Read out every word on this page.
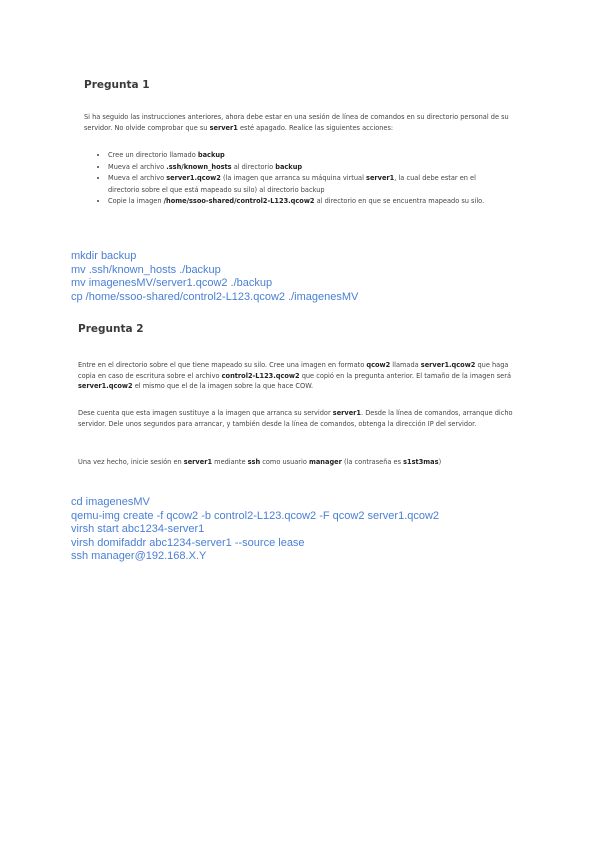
Pregunta 1
Si ha seguido las instrucciones anteriores, ahora debe estar en una sesión de línea de comandos en su directorio personal de su servidor. No olvide comprobar que su server1 esté apagado. Realice las siguientes acciones:
• Cree un directorio llamado backup
• Mueva el archivo .ssh/known_hosts al directorio backup
• Mueva el archivo server1.qcow2 (la imagen que arranca su máquina virtual server1, la cual debe estar en el directorio sobre el que está mapeado su silo) al directorio backup
• Copie la imagen /home/ssoo-shared/control2-L123.qcow2 al directorio en que se encuentra mapeado su silo.
mkdir backup
mv .ssh/known_hosts ./backup
mv imagenesMV/server1.qcow2 ./backup
cp /home/ssoo-shared/control2-L123.qcow2 ./imagenesMV
Pregunta 2
Entre en el directorio sobre el que tiene mapeado su silo. Cree una imagen en formato qcow2 llamada server1.qcow2 que haga copia en caso de escritura sobre el archivo control2-L123.qcow2 que copió en la pregunta anterior. El tamaño de la imagen será server1.qcow2 el mismo que el de la imagen sobre la que hace COW.
Dese cuenta que esta imagen sustituye a la imagen que arranca su servidor server1. Desde la línea de comandos, arranque dicho servidor. Dele unos segundos para arrancar, y también desde la línea de comandos, obtenga la dirección IP del servidor.
Una vez hecho, inicie sesión en server1 mediante ssh como usuario manager (la contraseña es s1st3mas)
cd imagenesMV
qemu-img create -f qcow2 -b control2-L123.qcow2 -F qcow2 server1.qcow2
virsh start abc1234-server1
virsh domifaddr abc1234-server1 --source lease
ssh manager@192.168.X.Y
